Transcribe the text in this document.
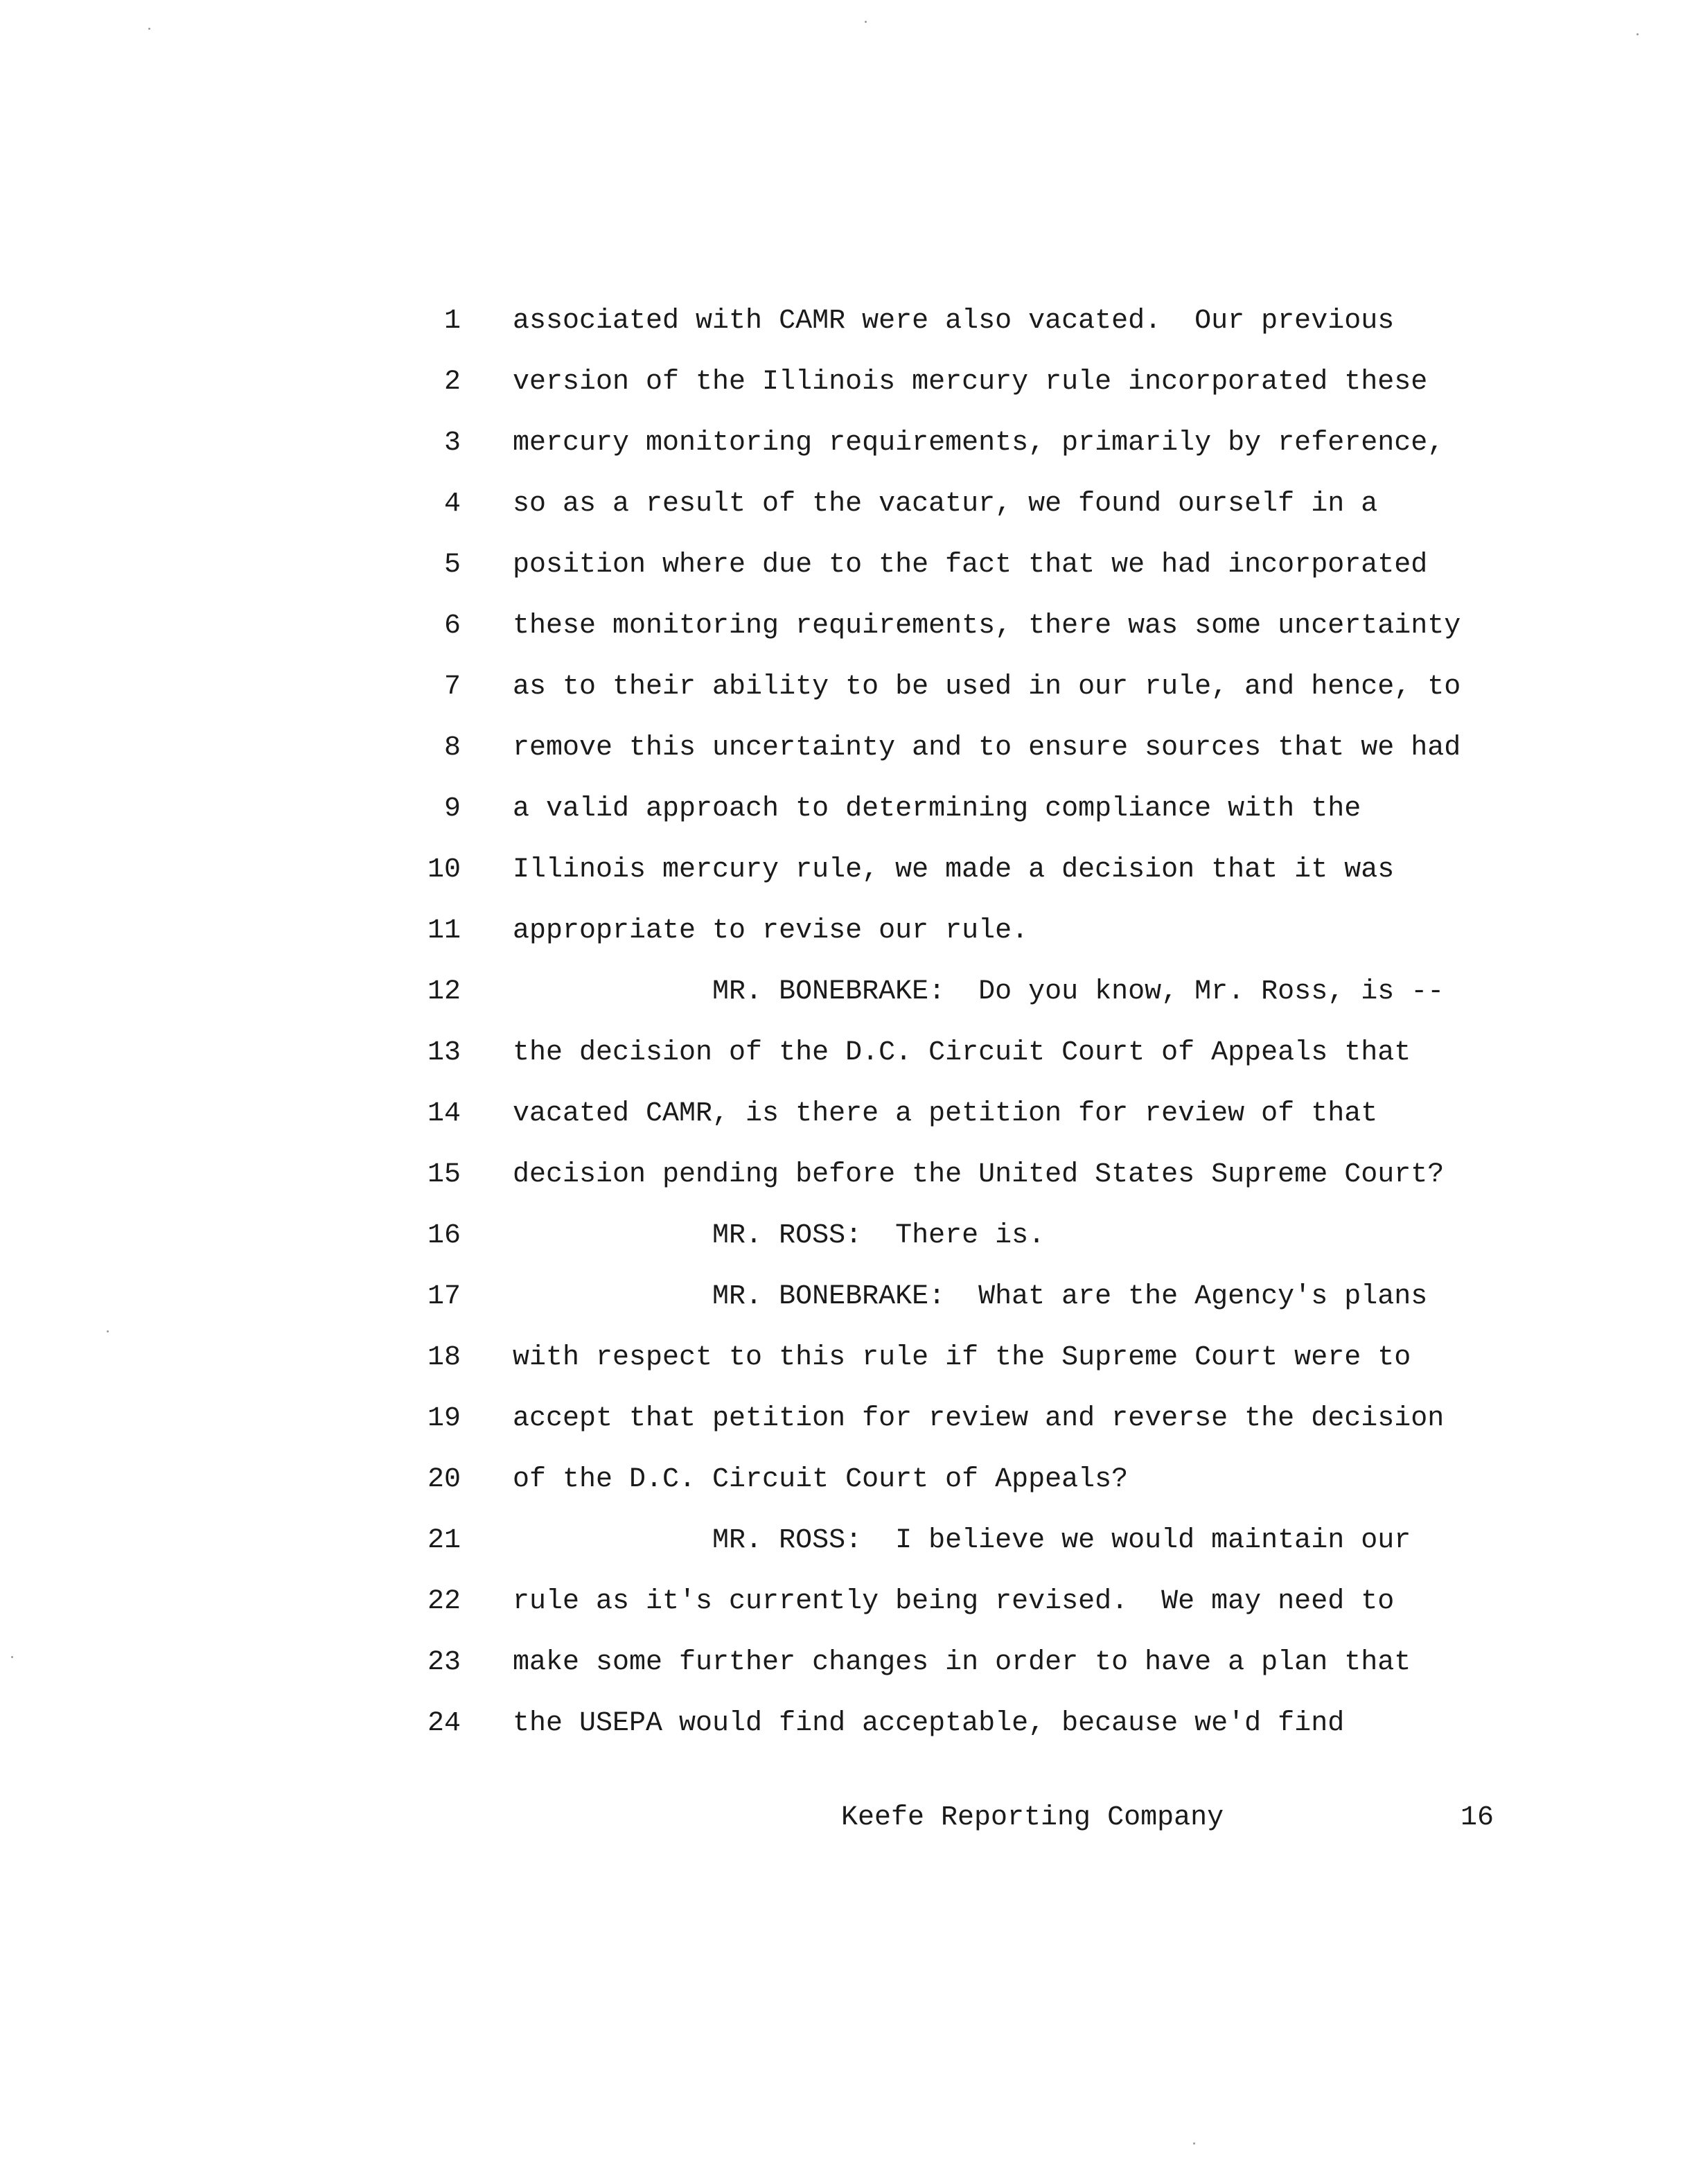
1 associated with CAMR were also vacated.  Our previous
2 version of the Illinois mercury rule incorporated these
3 mercury monitoring requirements, primarily by reference,
4 so as a result of the vacatur, we found ourself in a
5 position where due to the fact that we had incorporated
6 these monitoring requirements, there was some uncertainty
7 as to their ability to be used in our rule, and hence, to
8 remove this uncertainty and to ensure sources that we had
9 a valid approach to determining compliance with the
10 Illinois mercury rule, we made a decision that it was
11 appropriate to revise our rule.
12 MR. BONEBRAKE:  Do you know, Mr. Ross, is --
13 the decision of the D.C. Circuit Court of Appeals that
14 vacated CAMR, is there a petition for review of that
15 decision pending before the United States Supreme Court?
16 MR. ROSS:  There is.
17 MR. BONEBRAKE:  What are the Agency's plans
18 with respect to this rule if the Supreme Court were to
19 accept that petition for review and reverse the decision
20 of the D.C. Circuit Court of Appeals?
21 MR. ROSS:  I believe we would maintain our
22 rule as it's currently being revised.  We may need to
23 make some further changes in order to have a plan that
24 the USEPA would find acceptable, because we'd find
Keefe Reporting Company	16
